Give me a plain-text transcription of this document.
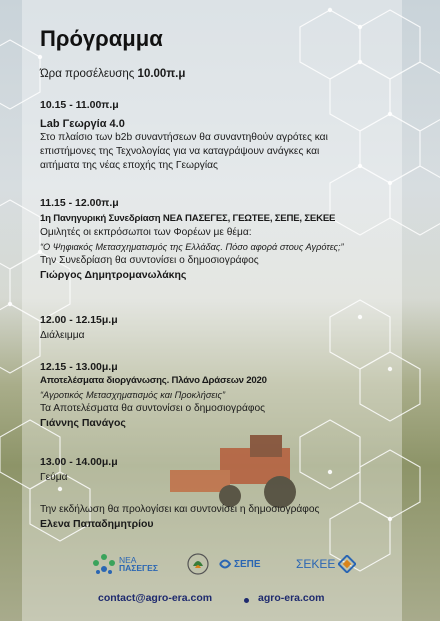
Πρόγραμμα
Ώρα προσέλευσης 10.00π.μ
10.15 - 11.00π.μ
Lab Γεωργία 4.0
Στο πλαίσιο των b2b συναντήσεων θα συναντηθούν αγρότες και
επιστήμονες της Τεχνολογίας για να καταγράψουν ανάγκες και
αιτήματα της νέας εποχής της Γεωργίας
11.15 - 12.00π.μ
1η Πανηγυρική Συνεδρίαση ΝΕΑ ΠΑΣΕΓΕΣ, ΓΕΩΤΕΕ, ΣΕΠΕ, ΣΕΚΕΕ
Ομιλητές οι εκπρόσωποι των Φορέων με θέμα:
“Ο Ψηφιακός Μετασχηματισμός της Ελλάδας. Πόσο αφορά στους Αγρότες;”
Την Συνεδρίαση θα συντονίσει ο δημοσιογράφος
Γιώργος Δημητρομανωλάκης
12.00 - 12.15μ.μ
Διάλειμμα
12.15 - 13.00μ.μ
Αποτελέσματα διοργάνωσης. Πλάνο Δράσεων 2020
“Αγροτικός Μετασχηματισμός και Προκλήσεις”
Τα Αποτελέσματα θα συντονίσει ο δημοσιογράφος
Γιάννης Πανάγος
13.00 - 14.00μ.μ
Γεύμα
Την εκδήλωση θα προλογίσει και συντονίσει η δημοσιογράφος
Ελενα Παπαδημητρίου
ΝΕΑ
ΠΑΣΕΓΕΣ	ΣΕΠΕ	ΣΕΚΕΕ
contact@agro-era.com	agro-era.com
